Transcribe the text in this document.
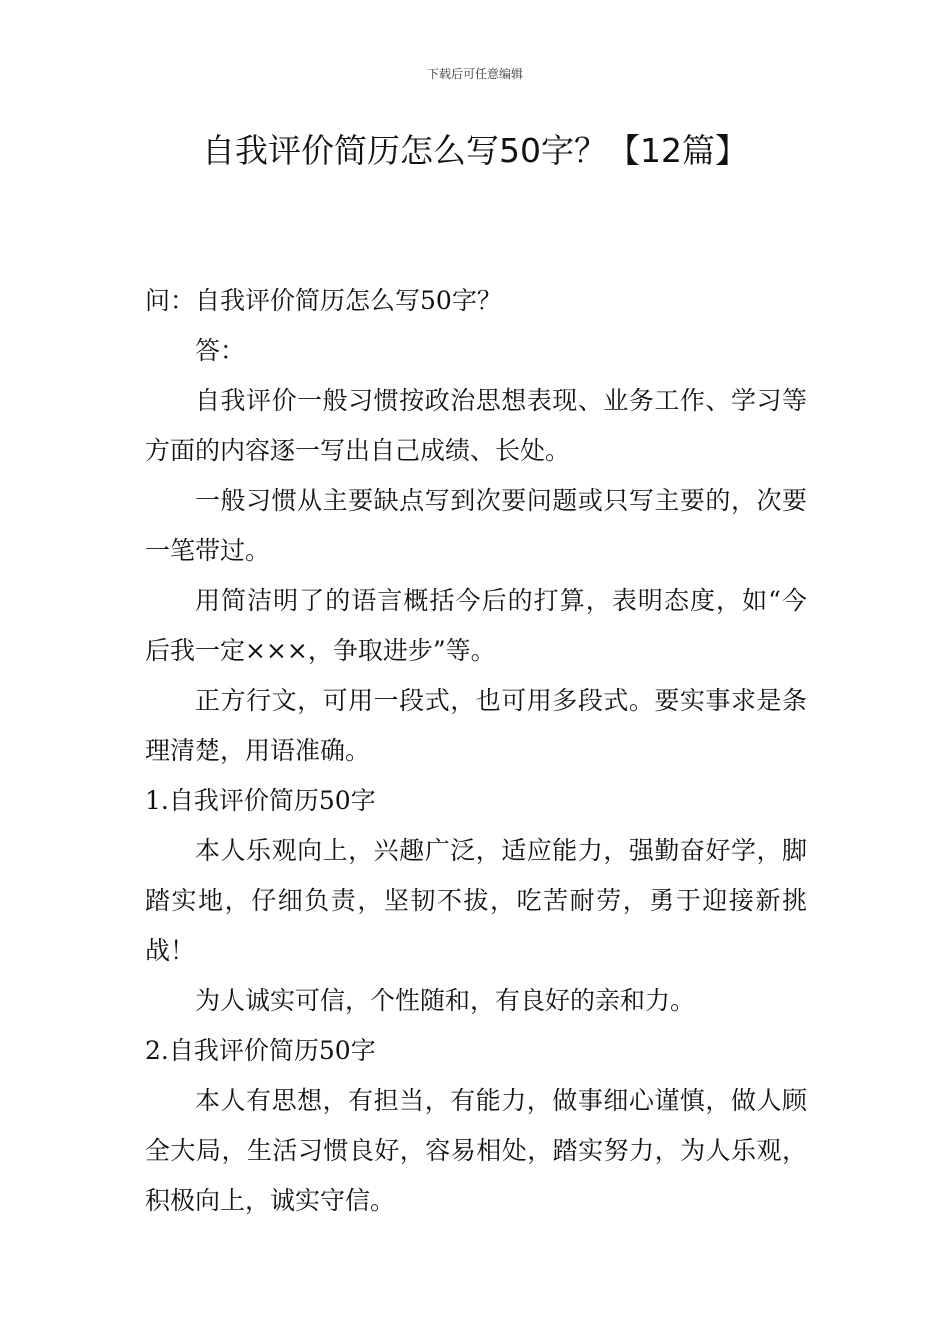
下载后可任意编辑
自我评价简历怎么写50字？【12篇】

问：自我评价简历怎么写50字？

答：

自我评价一般习惯按政治思想表现、业务工作、学习等方面的内容逐一写出自己成绩、长处。

一般习惯从主要缺点写到次要问题或只写主要的，次要一笔带过。

用简洁明了的语言概括今后的打算，表明态度，如“今后我一定×××，争取进步”等。

正方行文，可用一段式，也可用多段式。要实事求是条理清楚，用语准确。

1.自我评价简历50字

本人乐观向上，兴趣广泛，适应能力，强勤奋好学，脚踏实地，仔细负责，坚韧不拔，吃苦耐劳，勇于迎接新挑战！

为人诚实可信，个性随和，有良好的亲和力。

2.自我评价简历50字

本人有思想，有担当，有能力，做事细心谨慎，做人顾全大局，生活习惯良好，容易相处，踏实努力，为人乐观，积极向上，诚实守信。
